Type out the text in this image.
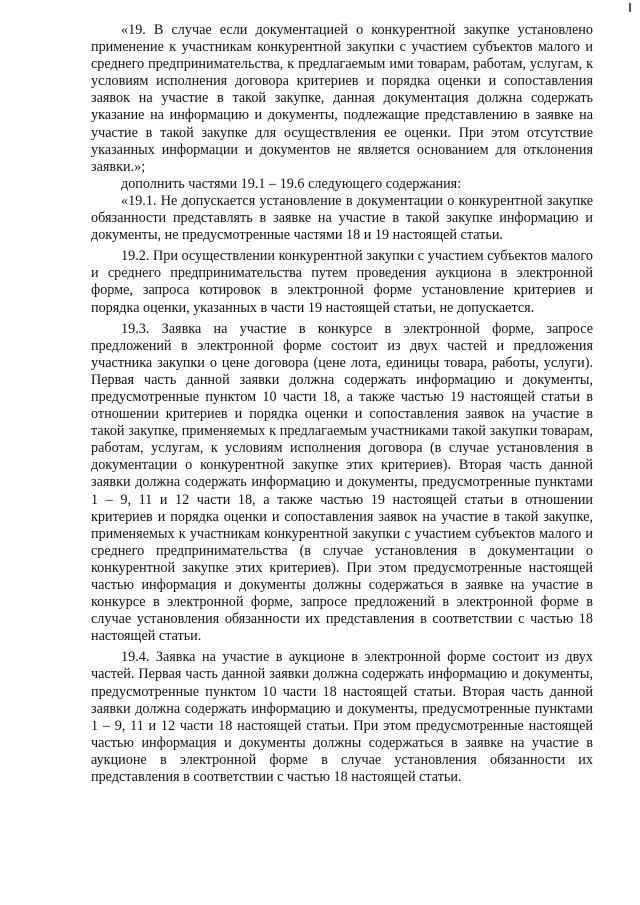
«19. В случае если документацией о конкурентной закупке установлено применение к участникам конкурентной закупки с участием субъектов малого и среднего предпринимательства, к предлагаемым ими товарам, работам, услугам, к условиям исполнения договора критериев и порядка оценки и сопоставления заявок на участие в такой закупке, данная документация должна содержать указание на информацию и документы, подлежащие представлению в заявке на участие в такой закупке для осуществления ее оценки. При этом отсутствие указанных информации и документов не является основанием для отклонения заявки.»;

дополнить частями 19.1 – 19.6 следующего содержания:

«19.1. Не допускается установление в документации о конкурентной закупке обязанности представлять в заявке на участие в такой закупке информацию и документы, не предусмотренные частями 18 и 19 настоящей статьи.

19.2. При осуществлении конкурентной закупки с участием субъектов малого и среднего предпринимательства путем проведения аукциона в электронной форме, запроса котировок в электронной форме установление критериев и порядка оценки, указанных в части 19 настоящей статьи, не допускается.

19.3. Заявка на участие в конкурсе в электронной форме, запросе предложений в электронной форме состоит из двух частей и предложения участника закупки о цене договора (цене лота, единицы товара, работы, услуги). Первая часть данной заявки должна содержать информацию и документы, предусмотренные пунктом 10 части 18, а также частью 19 настоящей статьи в отношении критериев и порядка оценки и сопоставления заявок на участие в такой закупке, применяемых к предлагаемым участниками такой закупки товарам, работам, услугам, к условиям исполнения договора (в случае установления в документации о конкурентной закупке этих критериев). Вторая часть данной заявки должна содержать информацию и документы, предусмотренные пунктами 1 – 9, 11 и 12 части 18, а также частью 19 настоящей статьи в отношении критериев и порядка оценки и сопоставления заявок на участие в такой закупке, применяемых к участникам конкурентной закупки с участием субъектов малого и среднего предпринимательства (в случае установления в документации о конкурентной закупке этих критериев). При этом предусмотренные настоящей частью информация и документы должны содержаться в заявке на участие в конкурсе в электронной форме, запросе предложений в электронной форме в случае установления обязанности их представления в соответствии с частью 18 настоящей статьи.

19.4. Заявка на участие в аукционе в электронной форме состоит из двух частей. Первая часть данной заявки должна содержать информацию и документы, предусмотренные пунктом 10 части 18 настоящей статьи. Вторая часть данной заявки должна содержать информацию и документы, предусмотренные пунктами 1 – 9, 11 и 12 части 18 настоящей статьи. При этом предусмотренные настоящей частью информация и документы должны содержаться в заявке на участие в аукционе в электронной форме в случае установления обязанности их представления в соответствии с частью 18 настоящей статьи.
